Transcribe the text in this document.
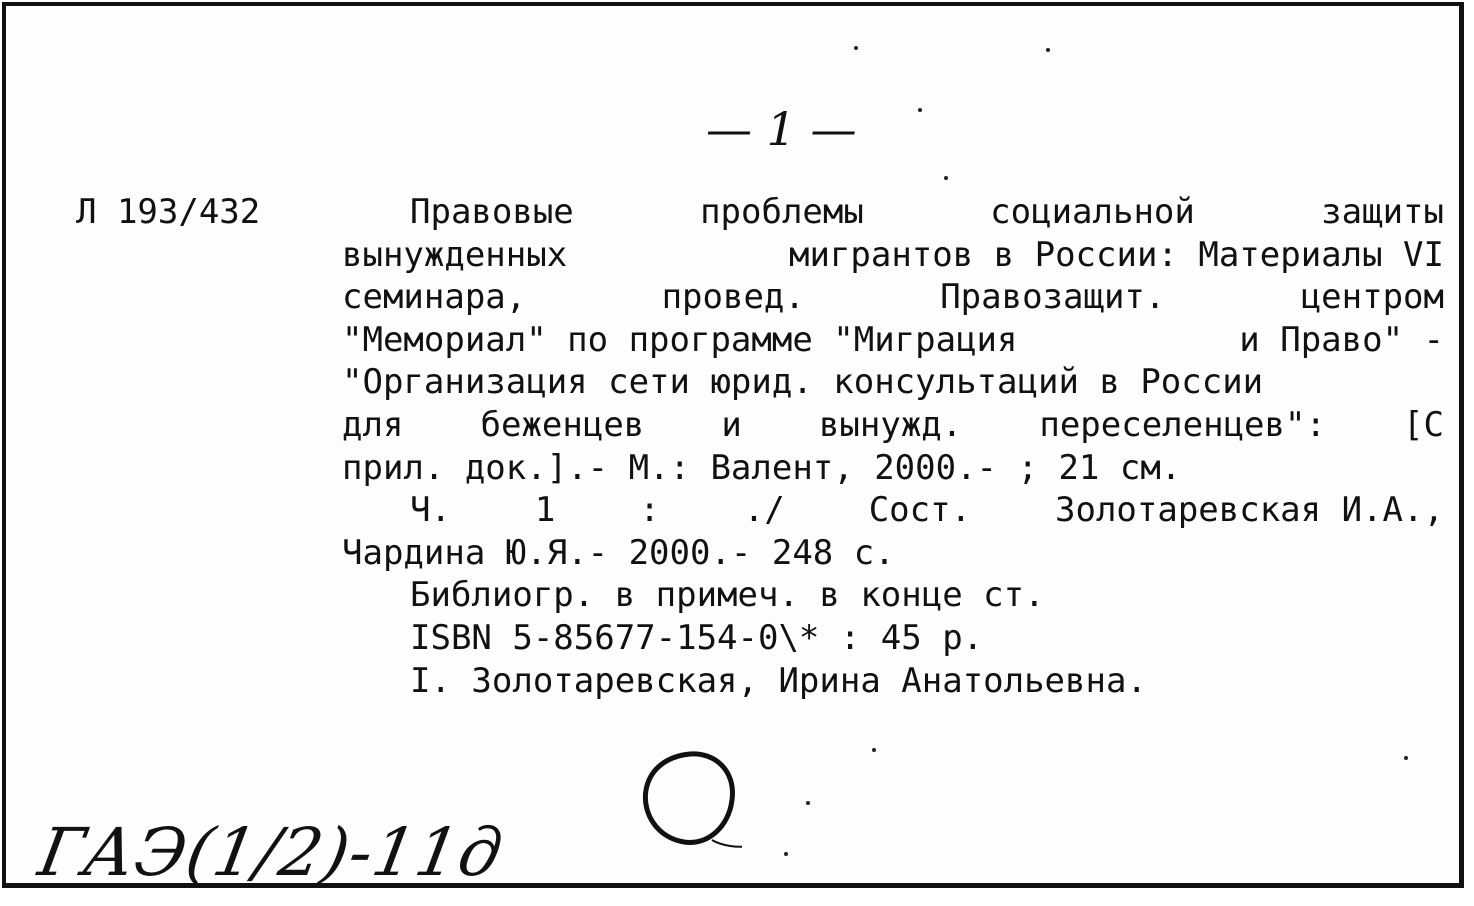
— 1 —
Л 193/432	Правовые	проблемы	социальной	защиты
вынужденных	мигрантов в России: Материалы VI
семинара,	провед.	Правозащит.	центром
"Мемориал" по программе "Миграция	и Право" -
"Организация сети юрид. консультаций в России
для беженцев и вынужд. переселенцев": [С
прил. док.].- М.: Валент, 2000.- ; 21 см.
Ч. 1 : ./ Сост. Золотаревская И.А.,
Чардина Ю.Я.- 2000.- 248 с.
Библиогр. в примеч. в конце ст.
ISBN 5-85677-154-0\* : 45 р.
I. Золотаревская, Ирина Анатольевна.
ГАЭ(1/2)-11д
